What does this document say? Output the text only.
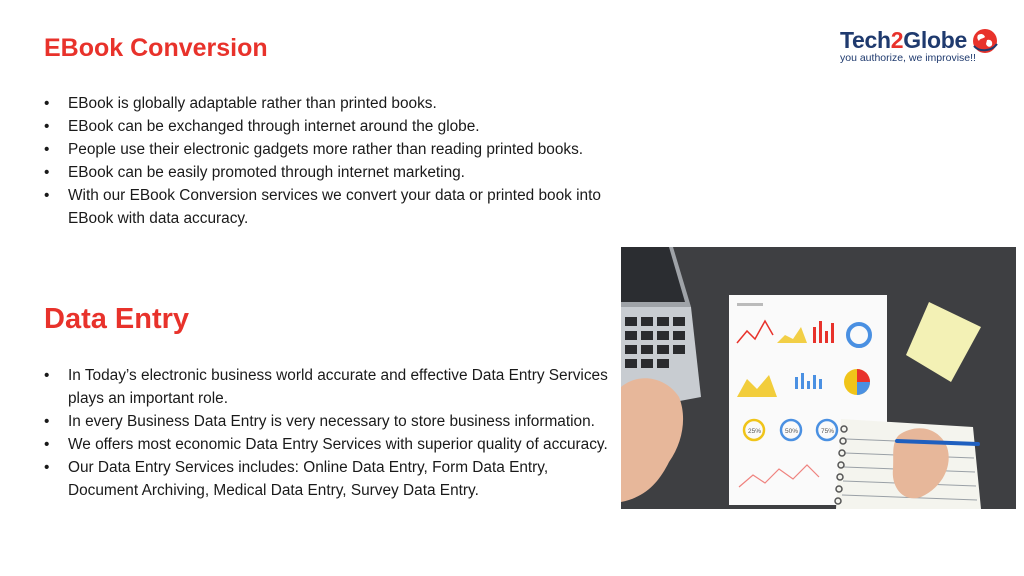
EBook Conversion
• EBook is globally adaptable rather than printed books.
• EBook can be exchanged through internet around the globe.
• People use their electronic gadgets more rather than reading printed books.
• EBook can be easily promoted through internet marketing.
• With our EBook Conversion services we convert your data or printed book into EBook with data accuracy.
Data Entry
• In Today’s electronic business world accurate and effective Data Entry Services plays an important role.
• In every Business Data Entry is very necessary to store business information.
• We offers most economic Data Entry Services with superior quality of accuracy.
• Our Data Entry Services includes: Online Data Entry, Form Data Entry, Document Archiving, Medical Data Entry, Survey Data Entry.
Tech2Globe
you authorize, we improvise!!
25%	50%	75%
